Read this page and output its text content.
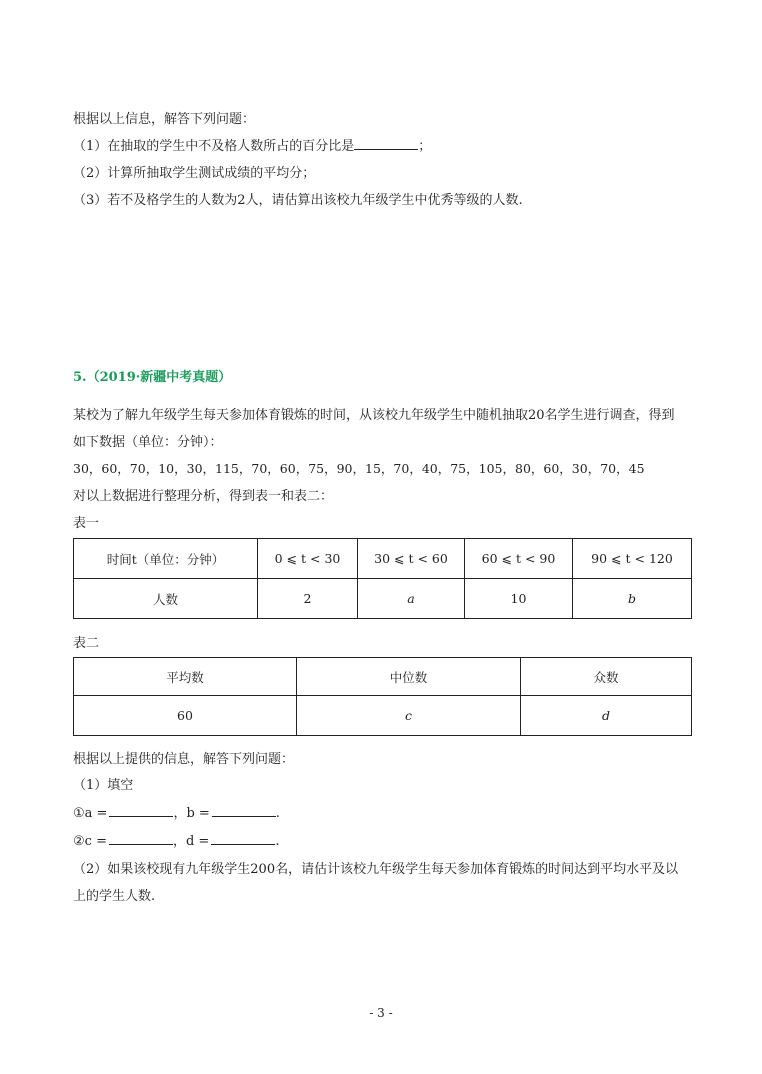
根据以上信息，解答下列问题：
（1）在抽取的学生中不及格人数所占的百分比是	；
（2）计算所抽取学生测试成绩的平均分；
（3）若不及格学生的人数为2人，请估算出该校九年级学生中优秀等级的人数.
5.（2019·新疆中考真题）
某校为了解九年级学生每天参加体育锻炼的时间，从该校九年级学生中随机抽取20名学生进行调查，得到
如下数据（单位：分钟）：
30，60，70，10，30，115，70，60，75，90，15，70，40，75，105，80，60，30，70，45
对以上数据进行整理分析，得到表一和表二：
表一
时间t（单位：分钟）	0 ⩽ t < 30	30 ⩽ t < 60	60 ⩽ t < 90	90 ⩽ t < 120
人数	2	a	10	b
表二
平均数	中位数	众数
60	c	d
根据以上提供的信息，解答下列问题：
（1）填空
①a =	，b =	.
②c =	，d =	.
（2）如果该校现有九年级学生200名，请估计该校九年级学生每天参加体育锻炼的时间达到平均水平及以
上的学生人数.
- 3 -
